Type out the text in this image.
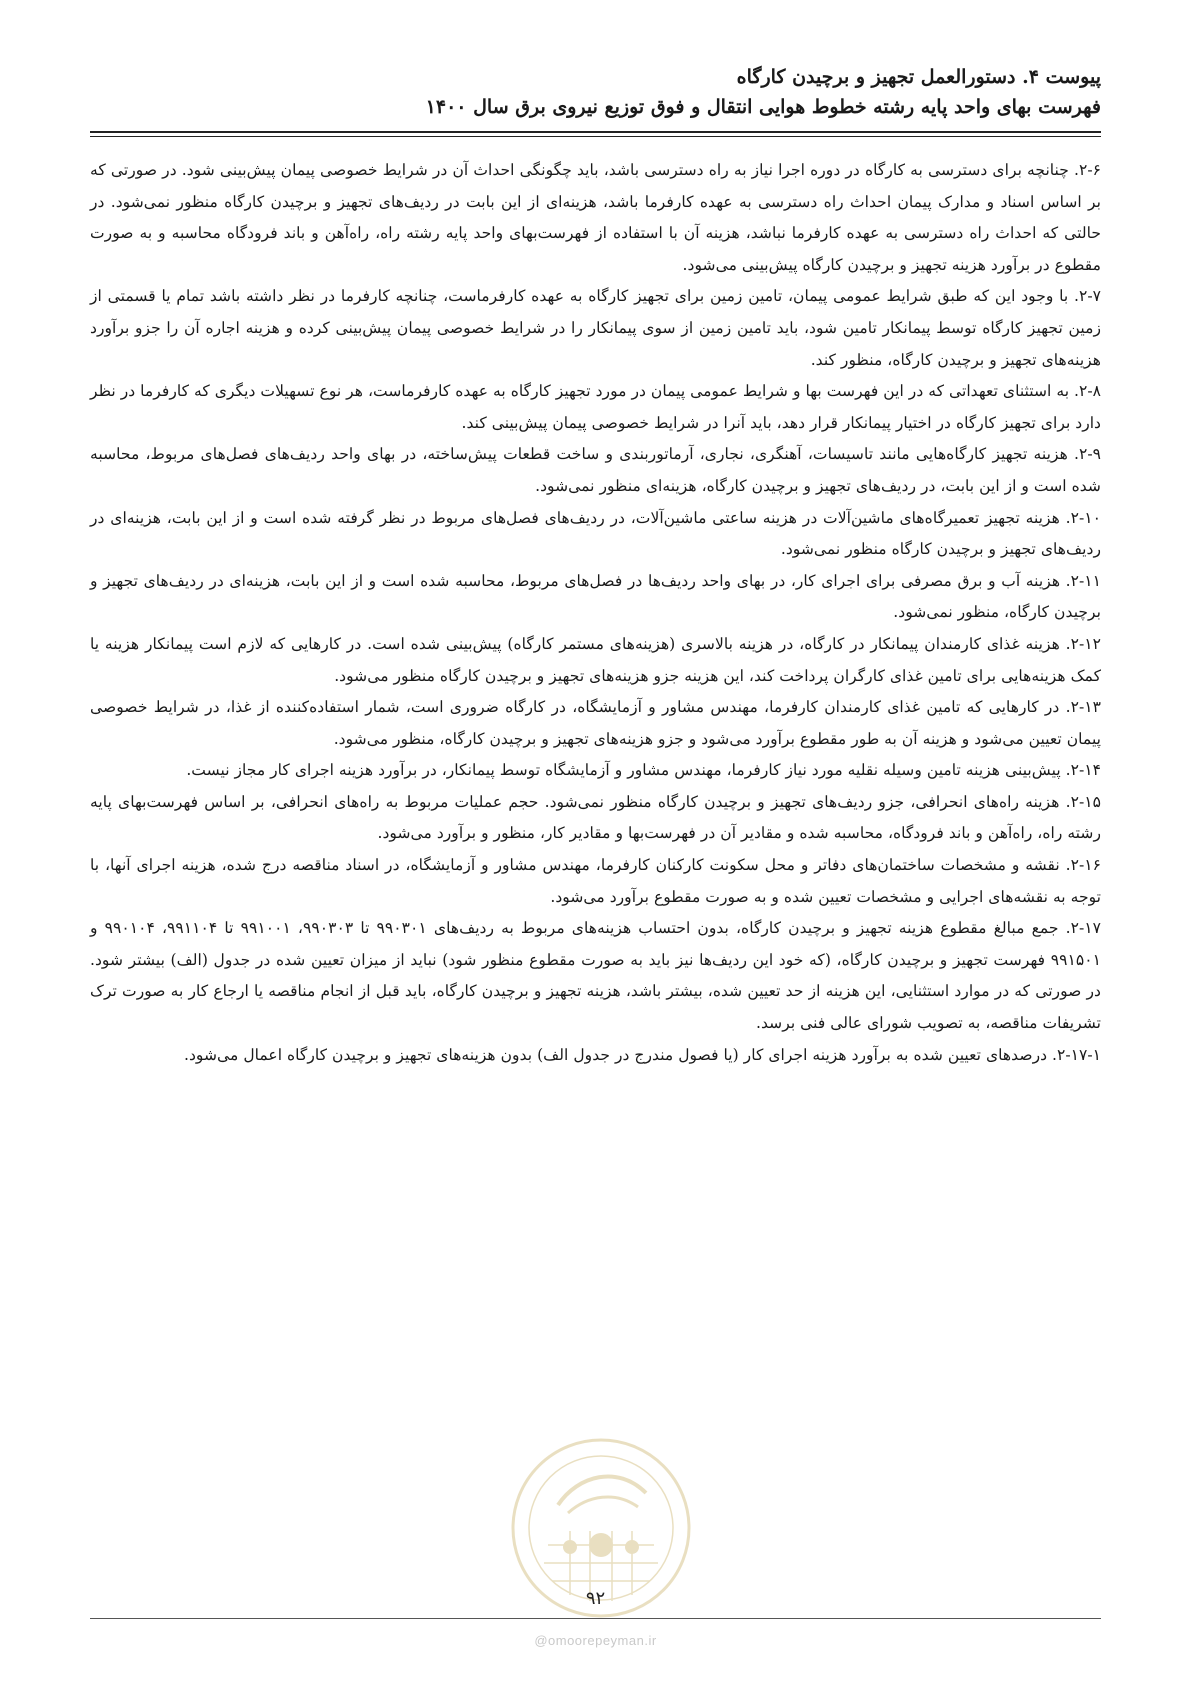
پیوست ۴. دستورالعمل تجهیز و برچیدن کارگاه
فهرست بهای واحد پایه رشته خطوط هوایی انتقال و فوق توزیع نیروی برق سال ۱۴۰۰

۲-۶. چنانچه برای دسترسی به کارگاه در دوره اجرا نیاز به راه دسترسی باشد، باید چگونگی احداث آن در شرایط خصوصی پیمان پیش‌بینی شود. در صورتی که بر اساس اسناد و مدارک پیمان احداث راه دسترسی به عهده کارفرما باشد، هزینه‌ای از این بابت در ردیف‌های تجهیز و برچیدن کارگاه منظور نمی‌شود. در حالتی که احداث راه دسترسی به عهده کارفرما نباشد، هزینه آن با استفاده از فهرست‌بهای واحد پایه رشته راه، راه‌آهن و باند فرودگاه محاسبه و به صورت مقطوع در برآورد هزینه تجهیز و برچیدن کارگاه پیش‌بینی می‌شود.

۲-۷. با وجود این که طبق شرایط عمومی پیمان، تامین زمین برای تجهیز کارگاه به عهده کارفرماست، چنانچه کارفرما در نظر داشته باشد تمام یا قسمتی از زمین تجهیز کارگاه توسط پیمانکار تامین شود، باید تامین زمین از سوی پیمانکار را در شرایط خصوصی پیمان پیش‌بینی کرده و هزینه اجاره آن را جزو برآورد هزینه‌های تجهیز و برچیدن کارگاه، منظور کند.

۲-۸. به استثنای تعهداتی که در این فهرست بها و شرایط عمومی پیمان در مورد تجهیز کارگاه به عهده کارفرماست، هر نوع تسهیلات دیگری که کارفرما در نظر دارد برای تجهیز کارگاه در اختیار پیمانکار قرار دهد، باید آنرا در شرایط خصوصی پیمان پیش‌بینی کند.

۲-۹. هزینه تجهیز کارگاه‌هایی مانند تاسیسات، آهنگری، نجاری، آرماتوربندی و ساخت قطعات پیش‌ساخته، در بهای واحد ردیف‌های فصل‌های مربوط، محاسبه شده است و از این بابت، در ردیف‌های تجهیز و برچیدن کارگاه، هزینه‌ای منظور نمی‌شود.

۲-۱۰. هزینه تجهیز تعمیرگاه‌های ماشین‌آلات در هزینه ساعتی ماشین‌آلات، در ردیف‌های فصل‌های مربوط در نظر گرفته شده است و از این بابت، هزینه‌ای در ردیف‌های تجهیز و برچیدن کارگاه منظور نمی‌شود.

۲-۱۱. هزینه آب و برق مصرفی برای اجرای کار، در بهای واحد ردیف‌ها در فصل‌های مربوط، محاسبه شده است و از این بابت، هزینه‌ای در ردیف‌های تجهیز و برچیدن کارگاه، منظور نمی‌شود.

۲-۱۲. هزینه غذای کارمندان پیمانکار در کارگاه، در هزینه بالاسری (هزینه‌های مستمر کارگاه) پیش‌بینی شده است. در کارهایی که لازم است پیمانکار هزینه یا کمک هزینه‌هایی برای تامین غذای کارگران پرداخت کند، این هزینه جزو هزینه‌های تجهیز و برچیدن کارگاه منظور می‌شود.

۲-۱۳. در کارهایی که تامین غذای کارمندان کارفرما، مهندس مشاور و آزمایشگاه، در کارگاه ضروری است، شمار استفاده‌کننده از غذا، در شرایط خصوصی پیمان تعیین می‌شود و هزینه آن به طور مقطوع برآورد می‌شود و جزو هزینه‌های تجهیز و برچیدن کارگاه، منظور می‌شود.

۲-۱۴. پیش‌بینی هزینه تامین وسیله نقلیه مورد نیاز کارفرما، مهندس مشاور و آزمایشگاه توسط پیمانکار، در برآورد هزینه اجرای کار مجاز نیست.

۲-۱۵. هزینه راه‌های انحرافی، جزو ردیف‌های تجهیز و برچیدن کارگاه منظور نمی‌شود. حجم عملیات مربوط به راه‌های انحرافی، بر اساس فهرست‌بهای پایه رشته راه، راه‌آهن و باند فرودگاه، محاسبه شده و مقادیر آن در فهرست‌بها و مقادیر کار، منظور و برآورد می‌شود.

۲-۱۶. نقشه و مشخصات ساختمان‌های دفاتر و محل سکونت کارکنان کارفرما، مهندس مشاور و آزمایشگاه، در اسناد مناقصه درج شده، هزینه اجرای آنها، با توجه به نقشه‌های اجرایی و مشخصات تعیین شده و به صورت مقطوع برآورد می‌شود.

۲-۱۷. جمع مبالغ مقطوع هزینه تجهیز و برچیدن کارگاه، بدون احتساب هزینه‌های مربوط به ردیف‌های ۹۹۰۳۰۱ تا ۹۹۰۳۰۳، ۹۹۱۰۰۱ تا ۹۹۱۱۰۴، ۹۹۰۱۰۴ و ۹۹۱۵۰۱ فهرست تجهیز و برچیدن کارگاه، (که خود این ردیف‌ها نیز باید به صورت مقطوع منظور شود) نباید از میزان تعیین شده در جدول (الف) بیشتر شود. در صورتی که در موارد استثنایی، این هزینه از حد تعیین شده، بیشتر باشد، هزینه تجهیز و برچیدن کارگاه، باید قبل از انجام مناقصه یا ارجاع کار به صورت ترک تشریفات مناقصه، به تصویب شورای عالی فنی برسد.

۲-۱۷-۱. درصدهای تعیین شده به برآورد هزینه اجرای کار (یا فصول مندرج در جدول الف) بدون هزینه‌های تجهیز و برچیدن کارگاه اعمال می‌شود.

۹۲
@omoorepeyman.ir
